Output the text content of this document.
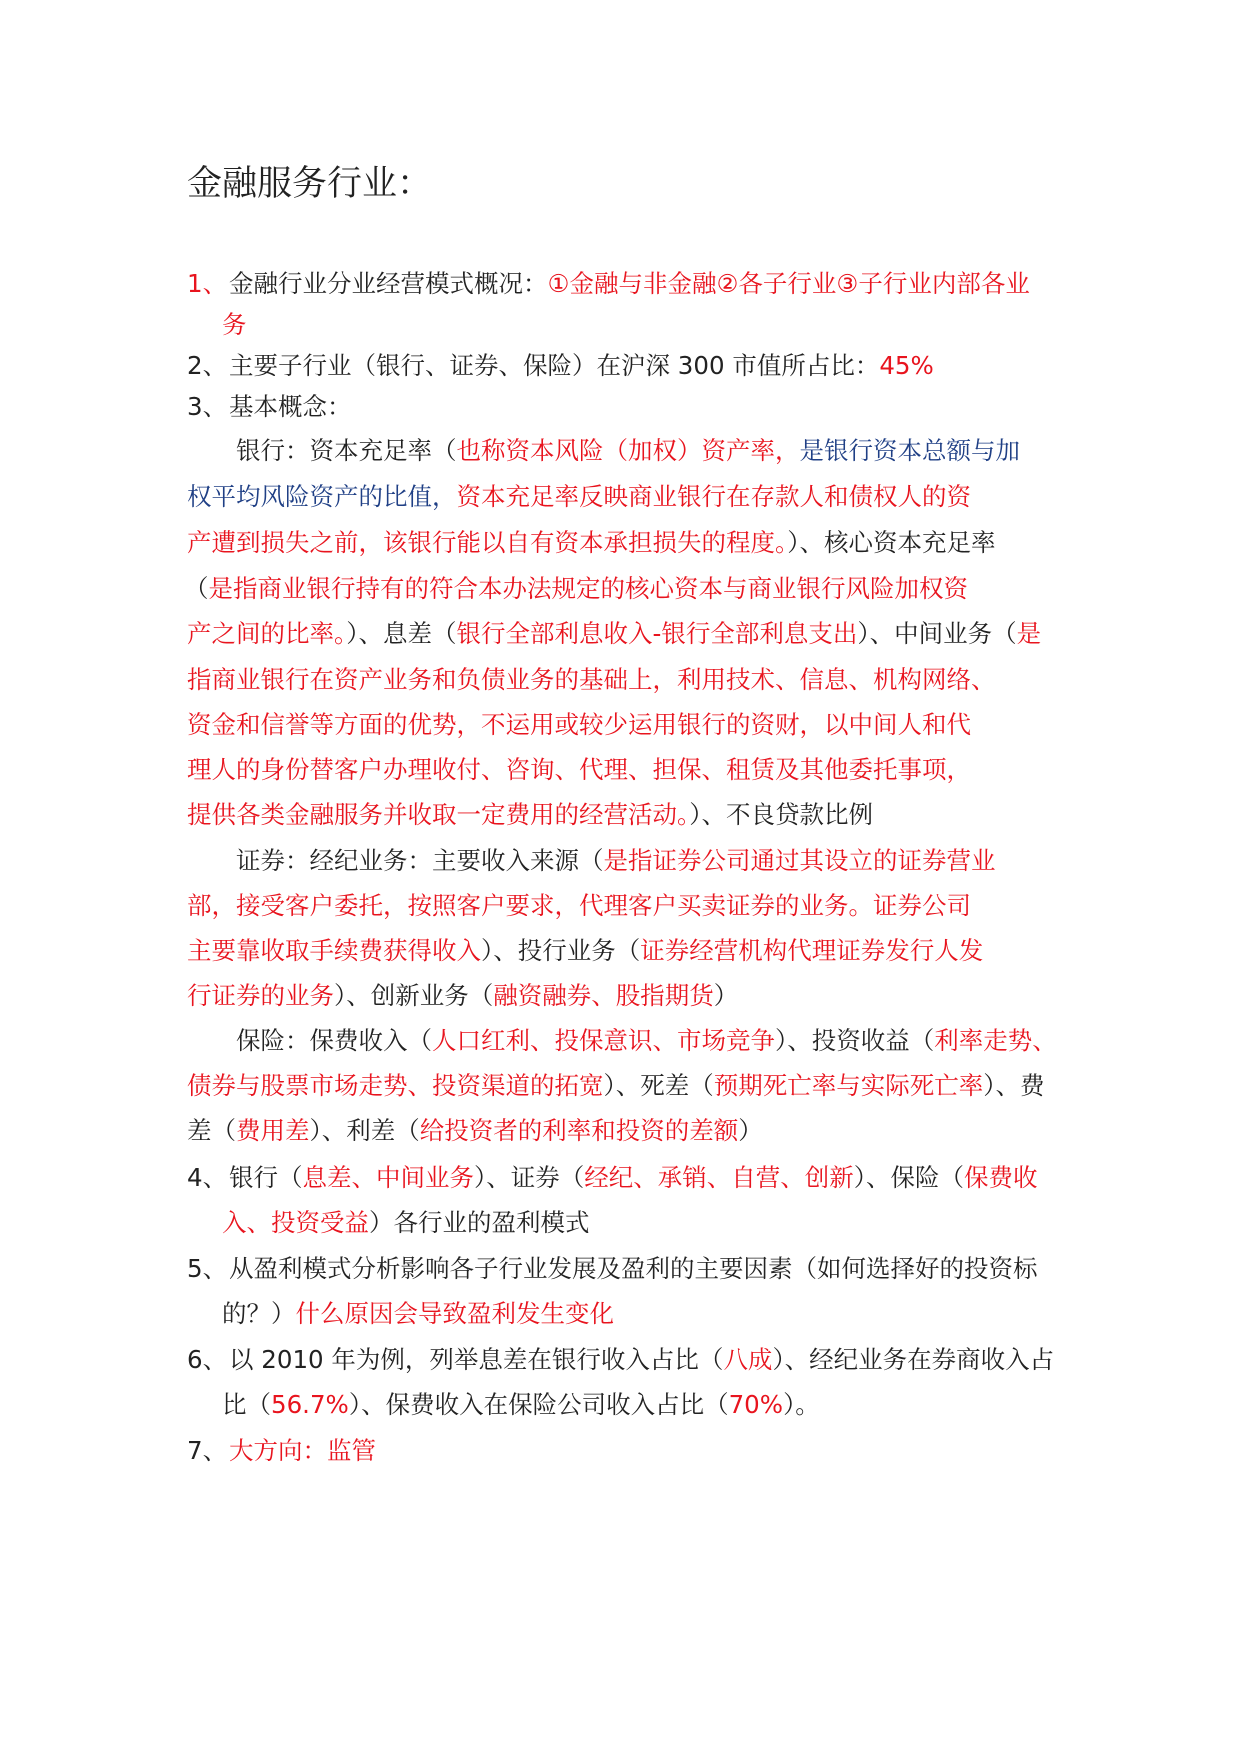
金融服务行业：
1、 金融行业分业经营模式概况：①金融与非金融②各子行业③子行业内部各业
务
2、 主要子行业（银行、证券、保险）在沪深 300 市值所占比：45%
3、 基本概念：
银行：资本充足率（也称资本风险（加权）资产率，是银行资本总额与加
权平均风险资产的比值，资本充足率反映商业银行在存款人和债权人的资
产遭到损失之前，该银行能以自有资本承担损失的程度。）、核心资本充足率
（是指商业银行持有的符合本办法规定的核心资本与商业银行风险加权资
产之间的比率。）、息差（银行全部利息收入-银行全部利息支出）、中间业务（是
指商业银行在资产业务和负债业务的基础上，利用技术、信息、机构网络、
资金和信誉等方面的优势，不运用或较少运用银行的资财，以中间人和代
理人的身份替客户办理收付、咨询、代理、担保、租赁及其他委托事项，
提供各类金融服务并收取一定费用的经营活动。）、不良贷款比例
证券：经纪业务：主要收入来源（是指证券公司通过其设立的证券营业
部，接受客户委托，按照客户要求，代理客户买卖证券的业务。证券公司
主要靠收取手续费获得收入）、投行业务（证券经营机构代理证券发行人发
行证券的业务）、创新业务（融资融券、股指期货）
保险：保费收入（人口红利、投保意识、市场竞争）、投资收益（利率走势、
债券与股票市场走势、投资渠道的拓宽）、死差（预期死亡率与实际死亡率）、费
差（费用差）、利差（给投资者的利率和投资的差额）
4、 银行（息差、中间业务）、证券（经纪、承销、自营、创新）、保险（保费收
入、投资受益）各行业的盈利模式
5、 从盈利模式分析影响各子行业发展及盈利的主要因素（如何选择好的投资标
的？）什么原因会导致盈利发生变化
6、 以 2010 年为例，列举息差在银行收入占比（八成）、经纪业务在券商收入占
比（56.7%）、保费收入在保险公司收入占比（70%）。
7、 大方向：监管
